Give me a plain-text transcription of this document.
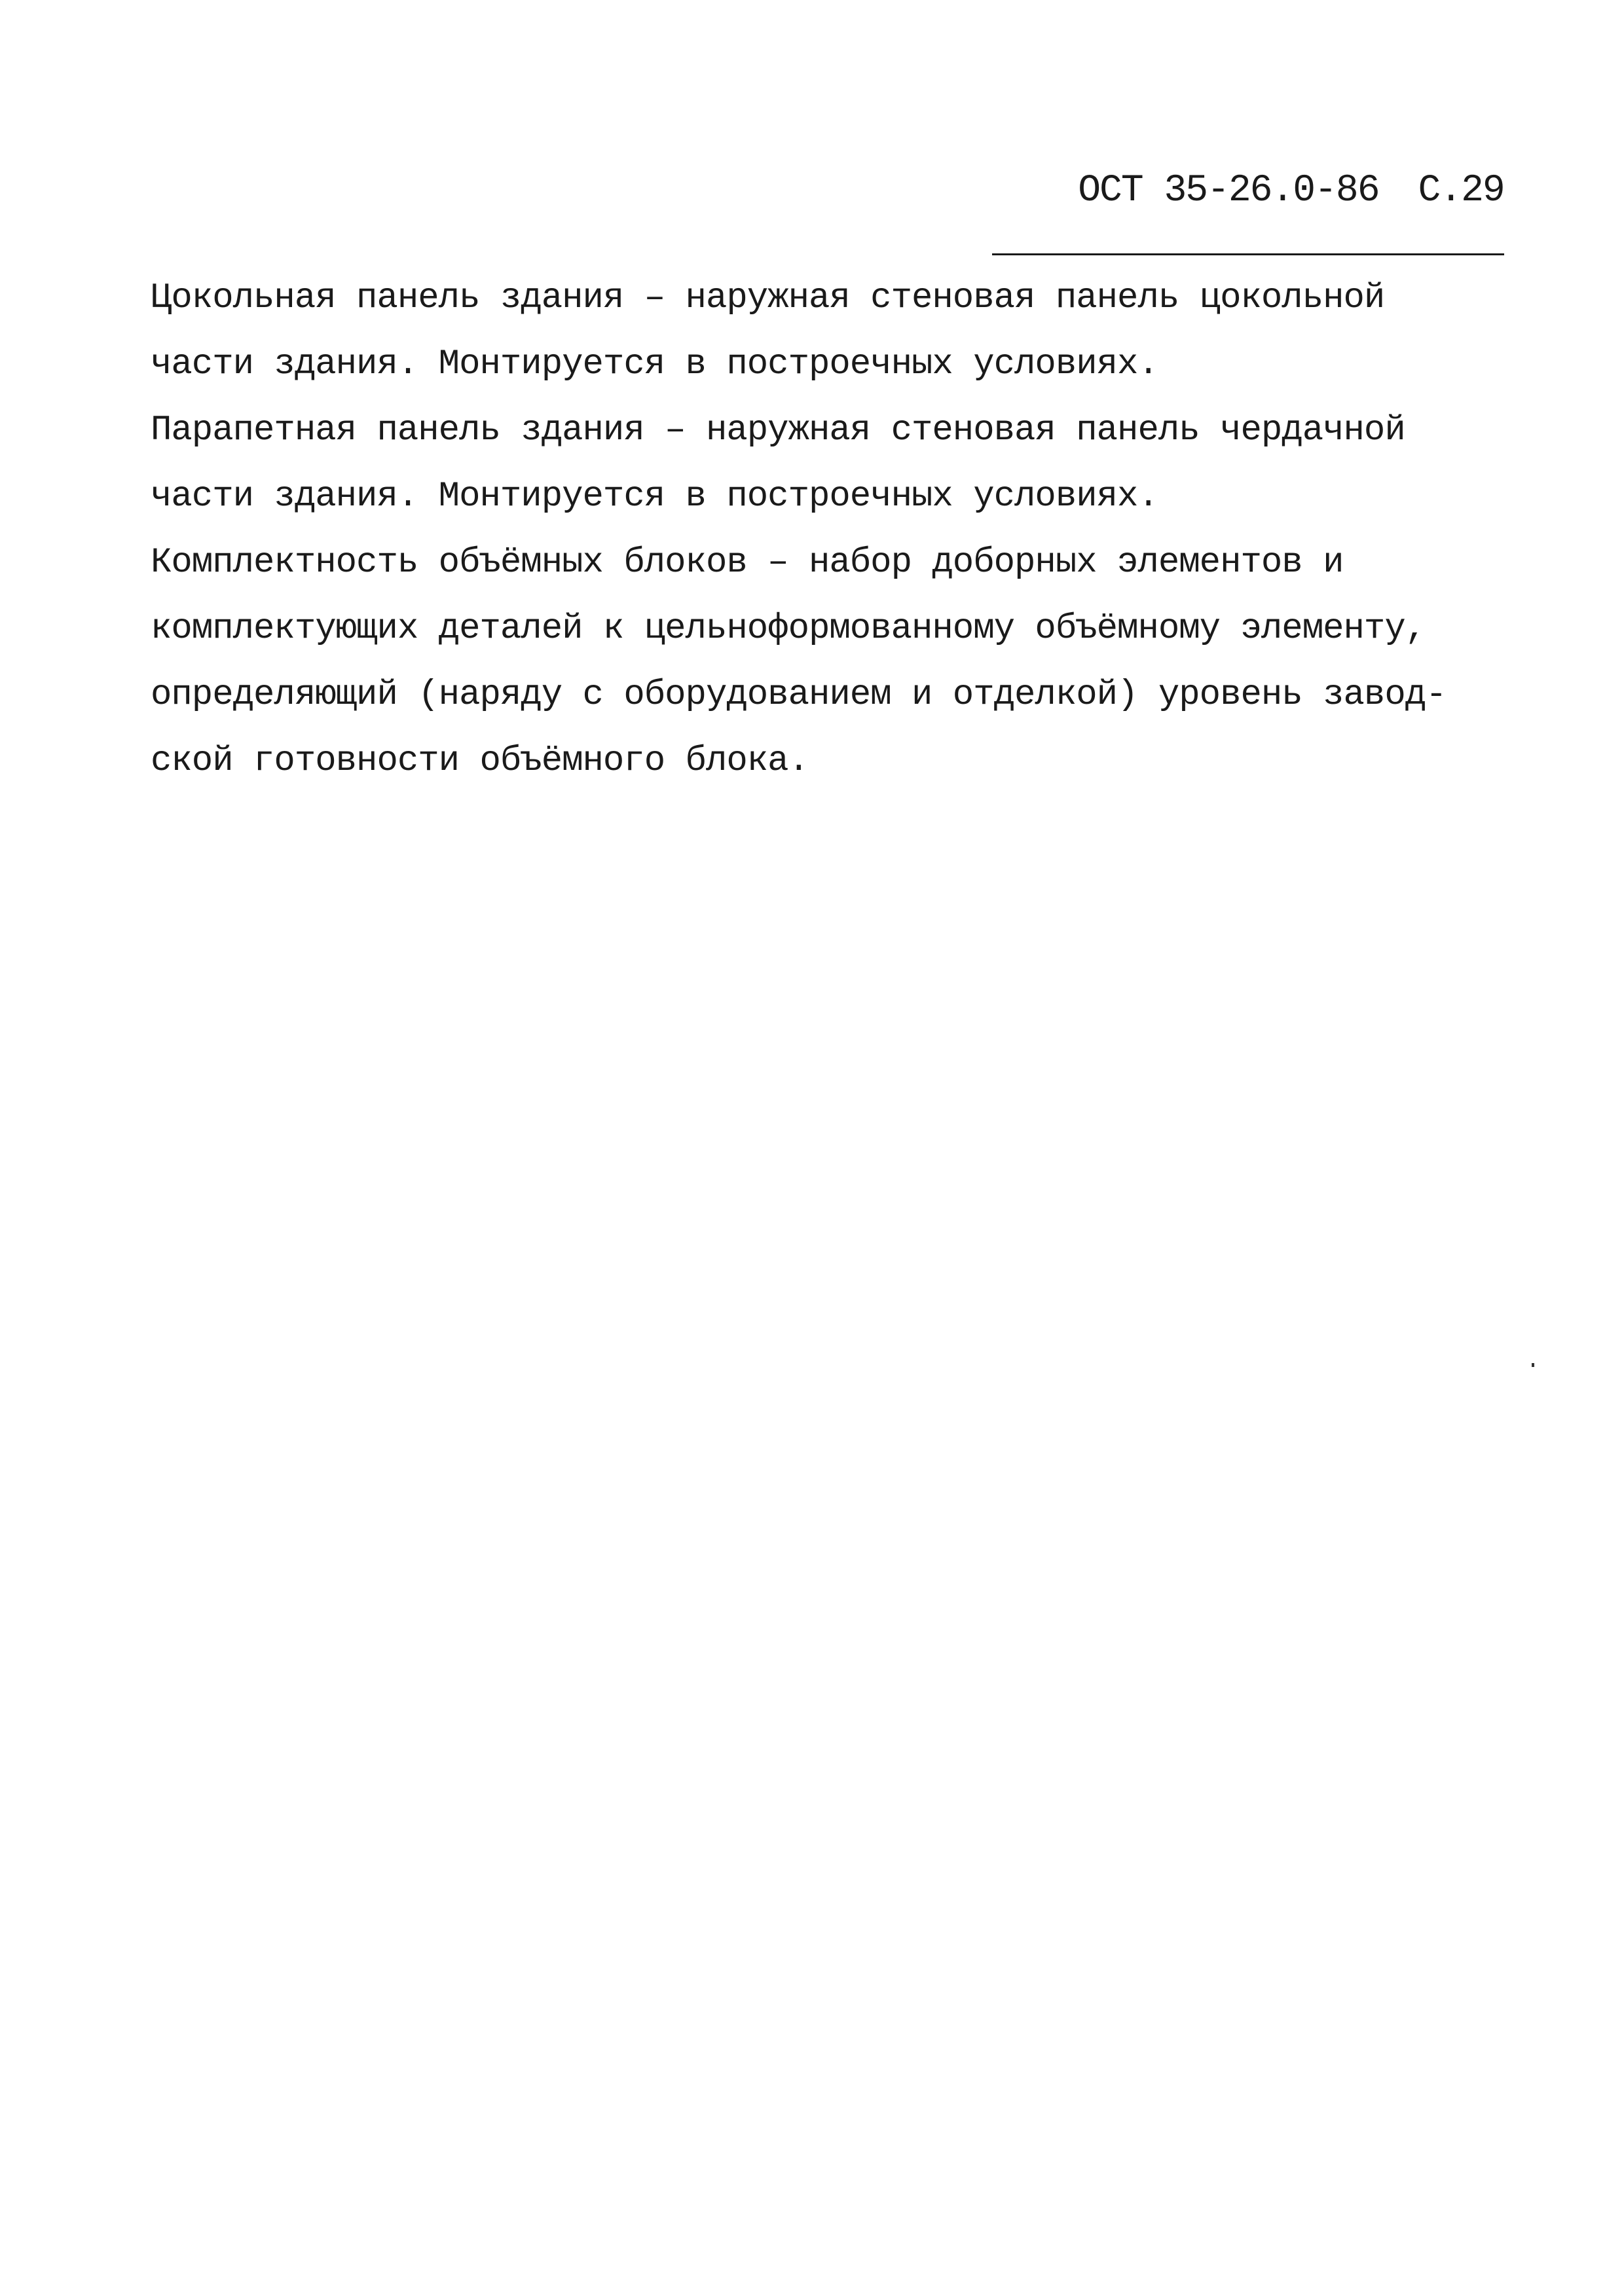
ОСТ 35-26.0-86 С.29

Цокольная панель здания – наружная стеновая панель цокольной
части здания. Монтируется в построечных условиях.
Парапетная панель здания – наружная стеновая панель чердачной
части здания. Монтируется в построечных условиях.
Комплектность объёмных блоков – набор доборных элементов и
комплектующих деталей к цельноформованному объёмному элементу,
определяющий (наряду с оборудованием и отделкой) уровень завод-
ской готовности объёмного блока.
